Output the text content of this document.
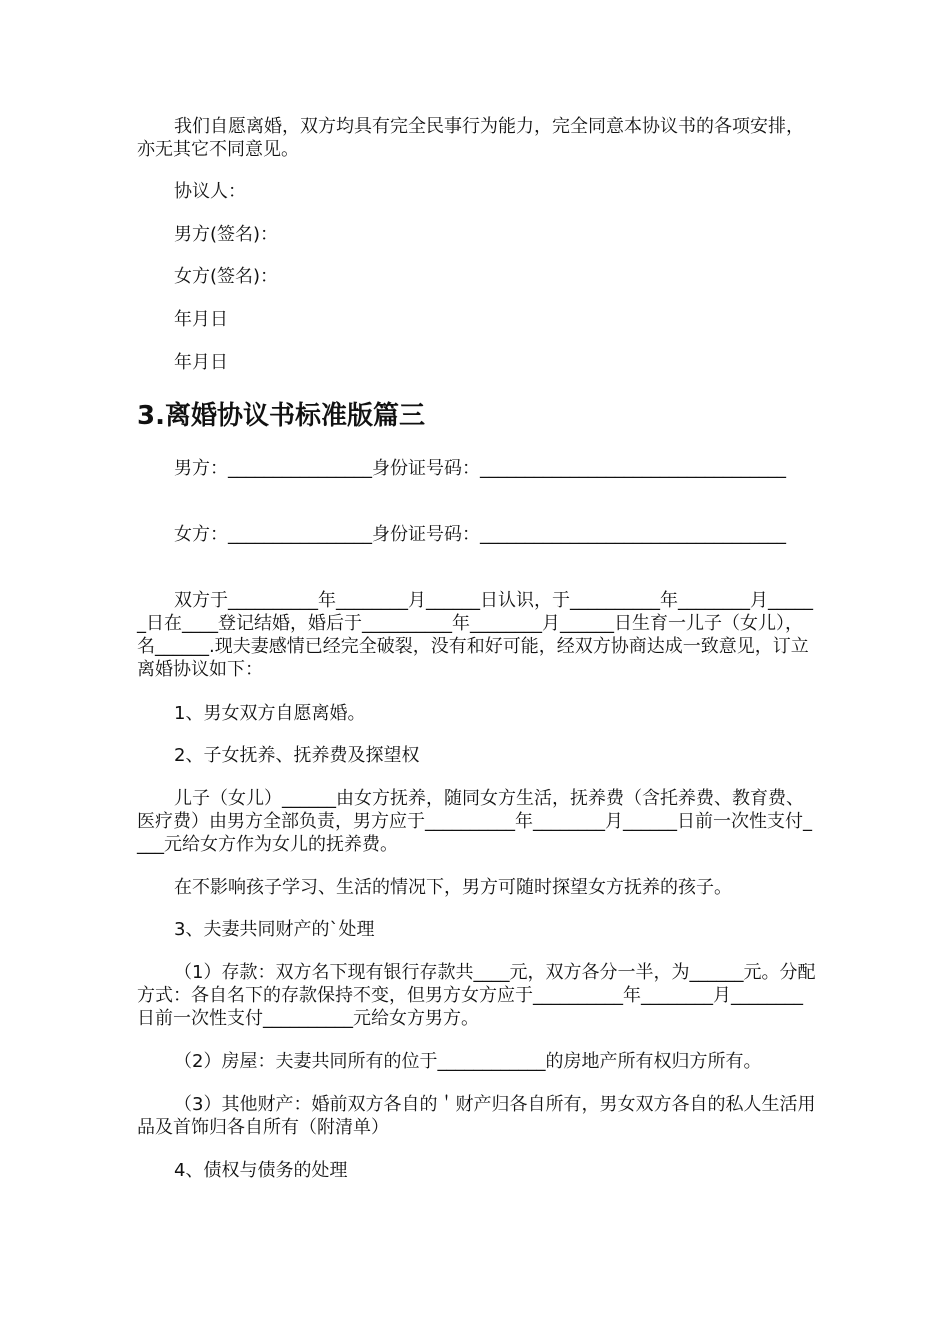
我们自愿离婚，双方均具有完全民事行为能力，完全同意本协议书的各项安排，亦无其它不同意见。

协议人：

男方(签名)：

女方(签名)：

年月日

年月日

3.离婚协议书标准版篇三

男方：________________身份证号码：__________________________________

女方：________________身份证号码：__________________________________

双方于__________年________月______日认识，于__________年________月______日在____登记结婚，婚后于__________年________月______日生育一儿子（女儿），名______.现夫妻感情已经完全破裂，没有和好可能，经双方协商达成一致意见，订立离婚协议如下：

1、男女双方自愿离婚。

2、子女抚养、抚养费及探望权

儿子（女儿）______由女方抚养，随同女方生活，抚养费（含托养费、教育费、医疗费）由男方全部负责，男方应于__________年________月______日前一次性支付____元给女方作为女儿的抚养费。

在不影响孩子学习、生活的情况下，男方可随时探望女方抚养的孩子。

3、夫妻共同财产的`处理

（1）存款：双方名下现有银行存款共____元，双方各分一半，为______元。分配方式：各自名下的存款保持不变，但男方女方应于__________年________月________日前一次性支付__________元给女方男方。

（2）房屋：夫妻共同所有的位于____________的房地产所有权归方所有。

（3）其他财产：婚前双方各自的＇财产归各自所有，男女双方各自的私人生活用品及首饰归各自所有（附清单）

4、债权与债务的处理
